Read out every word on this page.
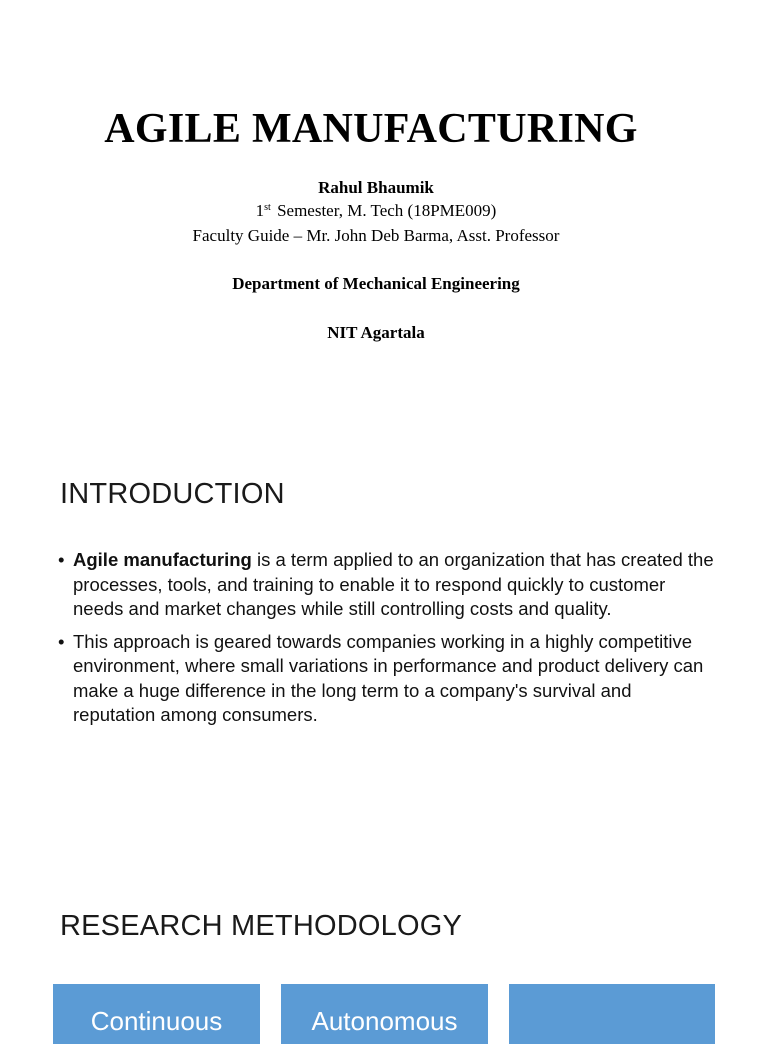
AGILE MANUFACTURING
Rahul Bhaumik
1st Semester, M. Tech (18PME009)
Faculty Guide – Mr. John Deb Barma, Asst. Professor
Department of Mechanical Engineering
NIT Agartala
INTRODUCTION
• Agile manufacturing is a term applied to an organization that has created the processes, tools, and training to enable it to respond quickly to customer needs and market changes while still controlling costs and quality.
• This approach is geared towards companies working in a highly competitive environment, where small variations in performance and product delivery can make a huge difference in the long term to a company's survival and reputation among consumers.
RESEARCH METHODOLOGY
Continuous	Autonomous
